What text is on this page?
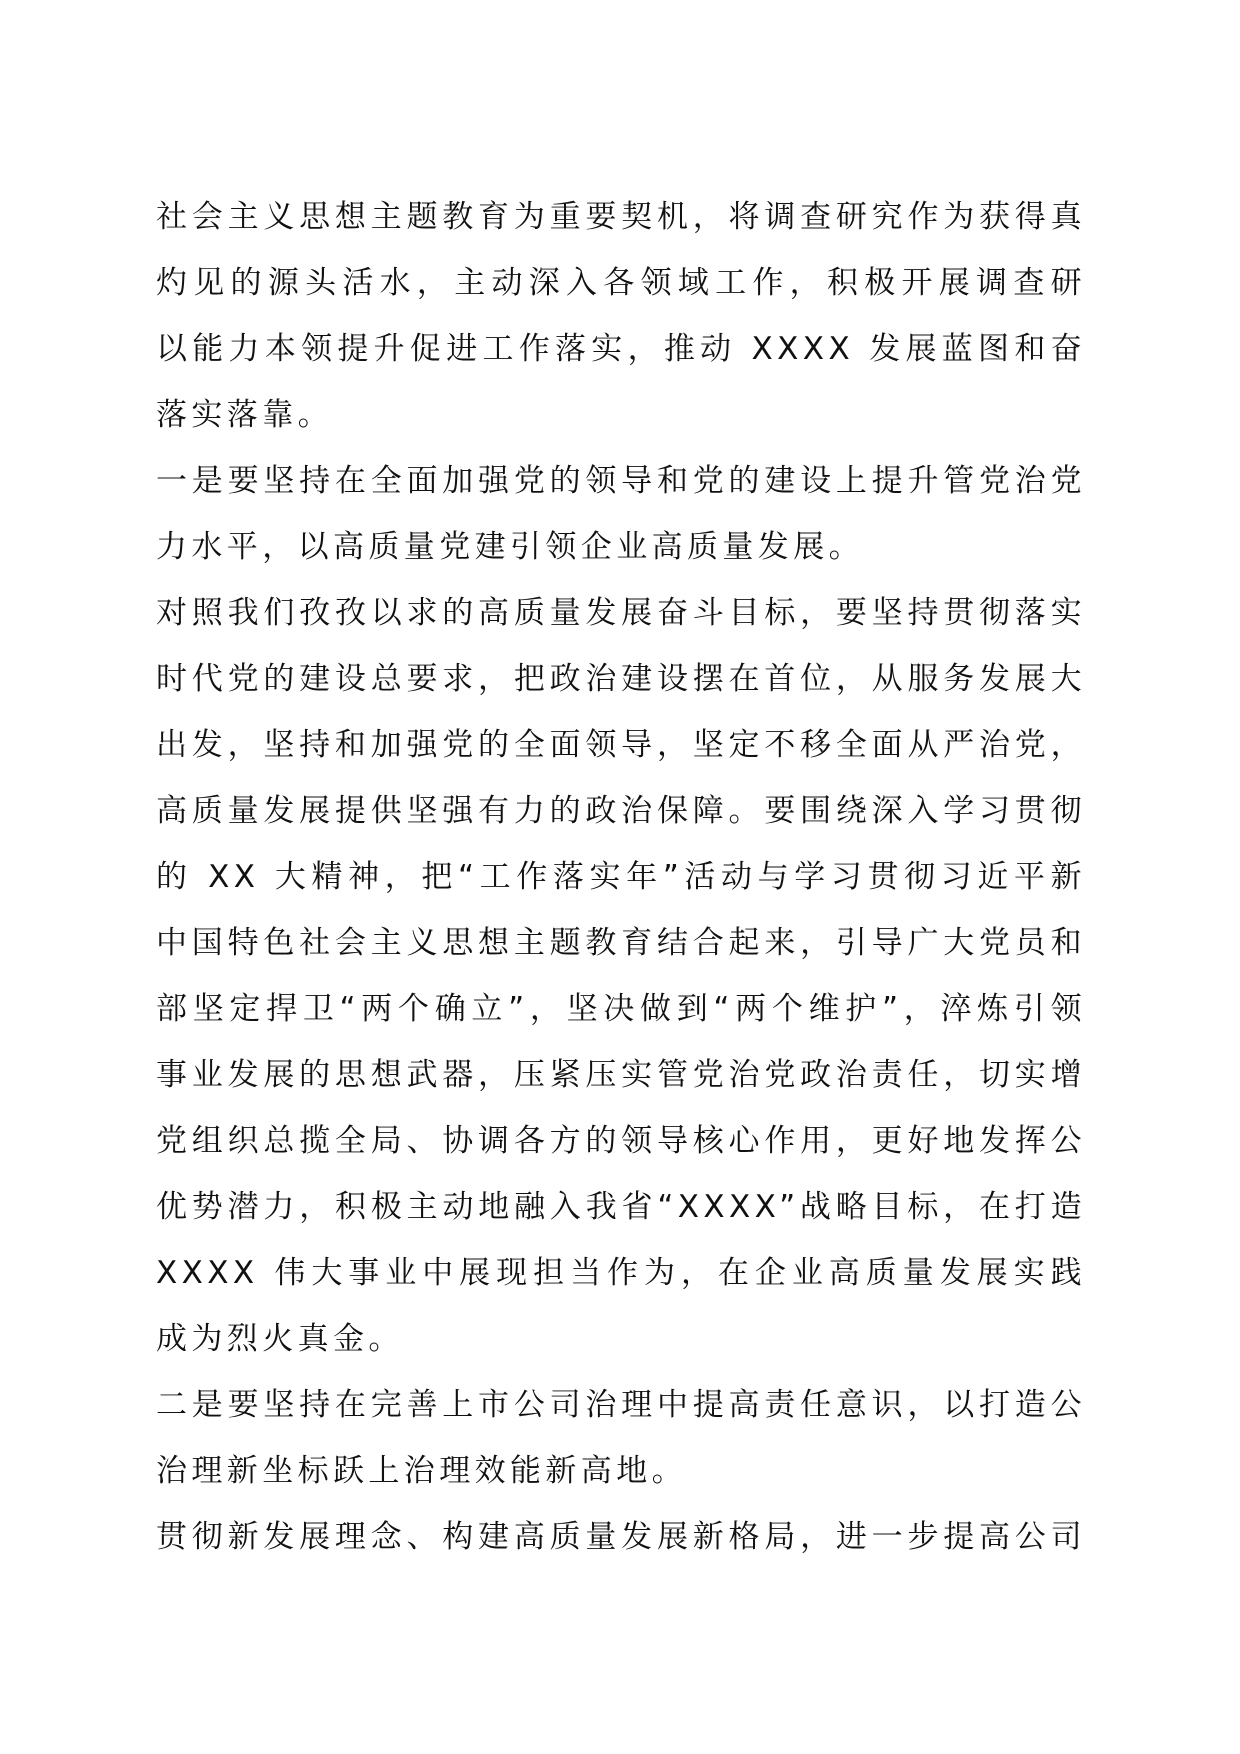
社会主义思想主题教育为重要契机，将调查研究作为获得真
灼见的源头活水，主动深入各领域工作，积极开展调查研
以能力本领提升促进工作落实，推动 XXXX 发展蓝图和奋
落实落靠。
一是要坚持在全面加强党的领导和党的建设上提升管党治党
力水平，以高质量党建引领企业高质量发展。
对照我们孜孜以求的高质量发展奋斗目标，要坚持贯彻落实
时代党的建设总要求，把政治建设摆在首位，从服务发展大
出发，坚持和加强党的全面领导，坚定不移全面从严治党，
高质量发展提供坚强有力的政治保障。要围绕深入学习贯彻
的 XX 大精神，把“工作落实年”活动与学习贯彻习近平新
中国特色社会主义思想主题教育结合起来，引导广大党员和
部坚定捍卫“两个确立”，坚决做到“两个维护”，淬炼引领
事业发展的思想武器，压紧压实管党治党政治责任，切实增
党组织总揽全局、协调各方的领导核心作用，更好地发挥公
优势潜力，积极主动地融入我省“XXXX”战略目标，在打造
XXXX 伟大事业中展现担当作为，在企业高质量发展实践
成为烈火真金。
二是要坚持在完善上市公司治理中提高责任意识，以打造公
治理新坐标跃上治理效能新高地。
贯彻新发展理念、构建高质量发展新格局，进一步提高公司
